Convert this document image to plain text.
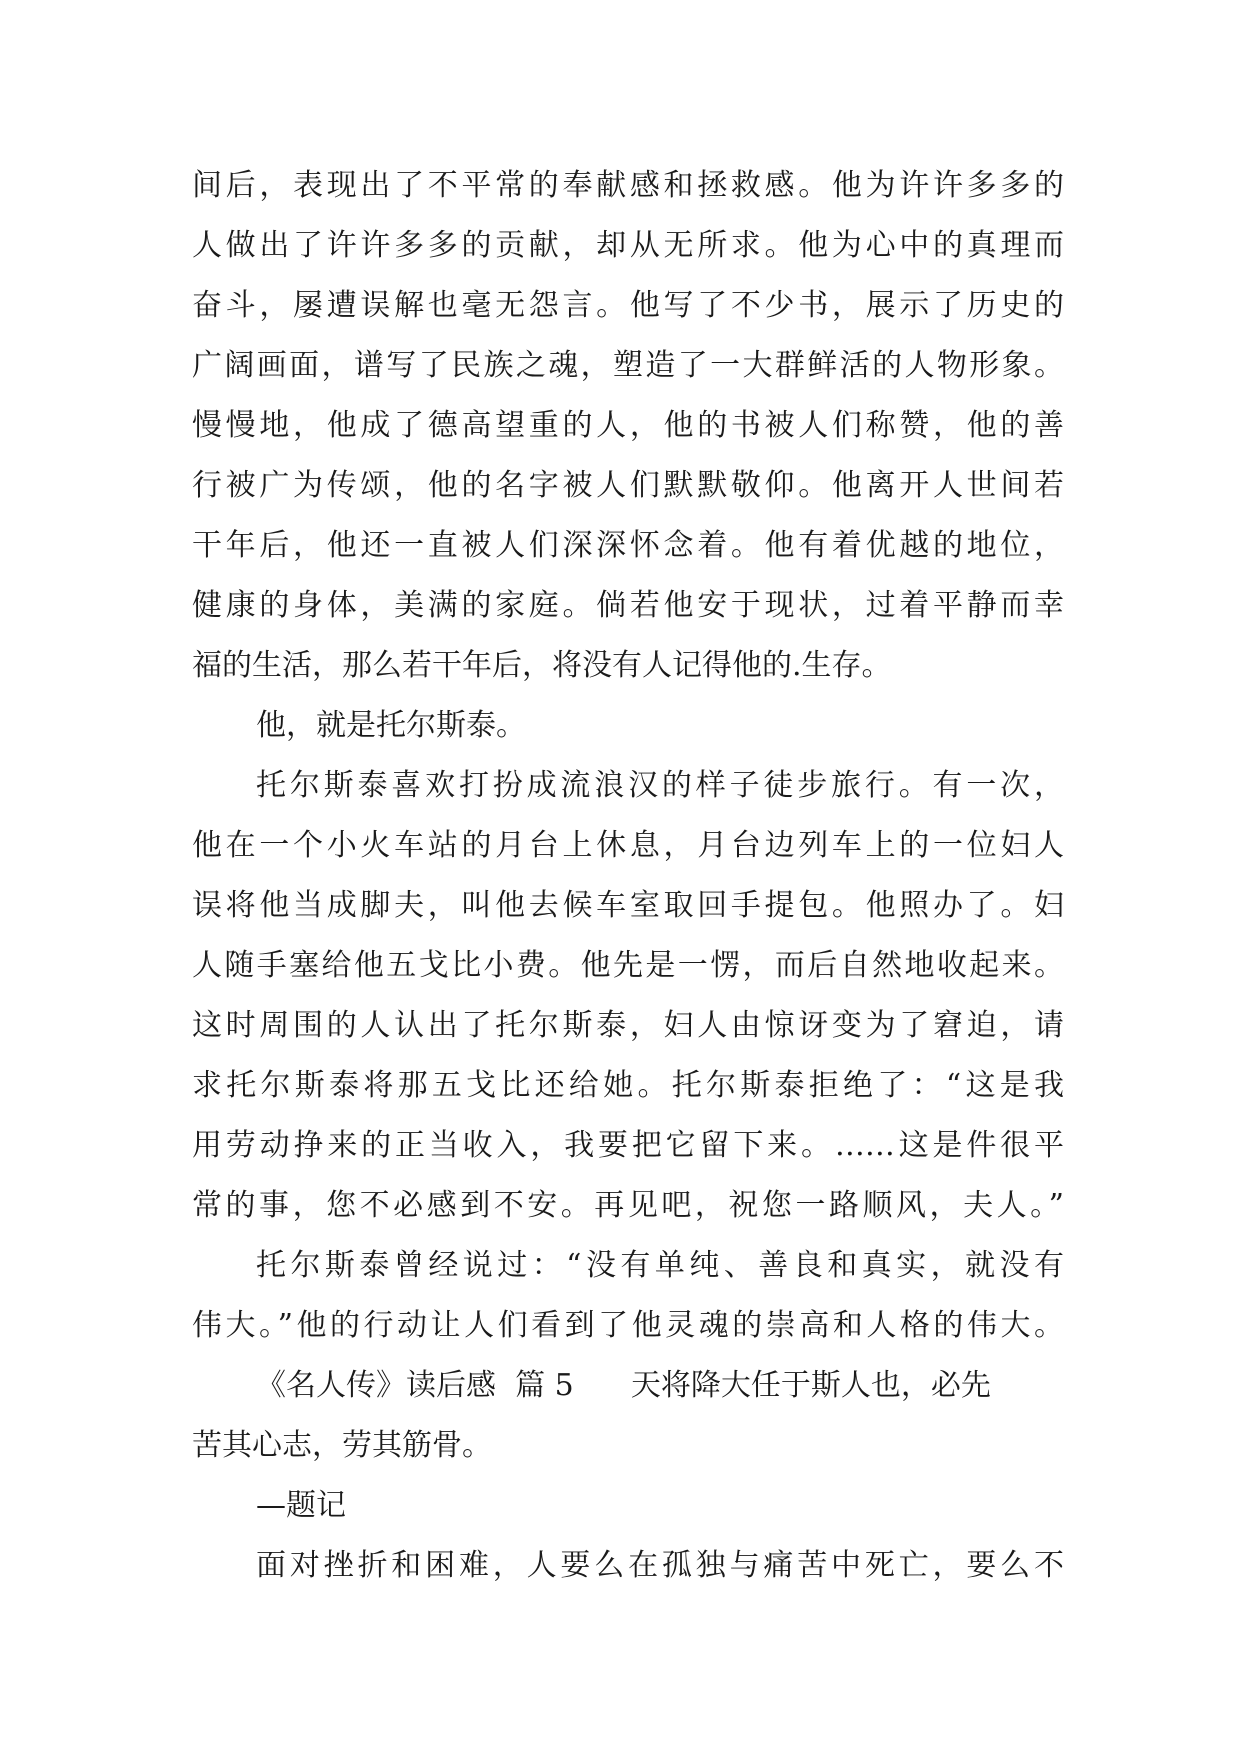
间后，表现出了不平常的奉献感和拯救感。他为许许多多的
人做出了许许多多的贡献，却从无所求。他为心中的真理而
奋斗，屡遭误解也毫无怨言。他写了不少书，展示了历史的
广阔画面，谱写了民族之魂，塑造了一大群鲜活的人物形象。
慢慢地，他成了德高望重的人，他的书被人们称赞，他的善
行被广为传颂，他的名字被人们默默敬仰。他离开人世间若
干年后，他还一直被人们深深怀念着。他有着优越的地位，
健康的身体，美满的家庭。倘若他安于现状，过着平静而幸
福的生活，那么若干年后，将没有人记得他的.生存。
他，就是托尔斯泰。
托尔斯泰喜欢打扮成流浪汉的样子徒步旅行。有一次，
他在一个小火车站的月台上休息，月台边列车上的一位妇人
误将他当成脚夫，叫他去候车室取回手提包。他照办了。妇
人随手塞给他五戈比小费。他先是一愣，而后自然地收起来。
这时周围的人认出了托尔斯泰，妇人由惊讶变为了窘迫，请
求托尔斯泰将那五戈比还给她。托尔斯泰拒绝了：“这是我
用劳动挣来的正当收入，我要把它留下来。……这是件很平
常的事，您不必感到不安。再见吧，祝您一路顺风，夫人。”
托尔斯泰曾经说过：“没有单纯、善良和真实，就没有
伟大。”他的行动让人们看到了他灵魂的崇高和人格的伟大。
《名人传》读后感  篇 5      天将降大任于斯人也，必先
苦其心志，劳其筋骨。
—题记
面对挫折和困难，人要么在孤独与痛苦中死亡，要么不
